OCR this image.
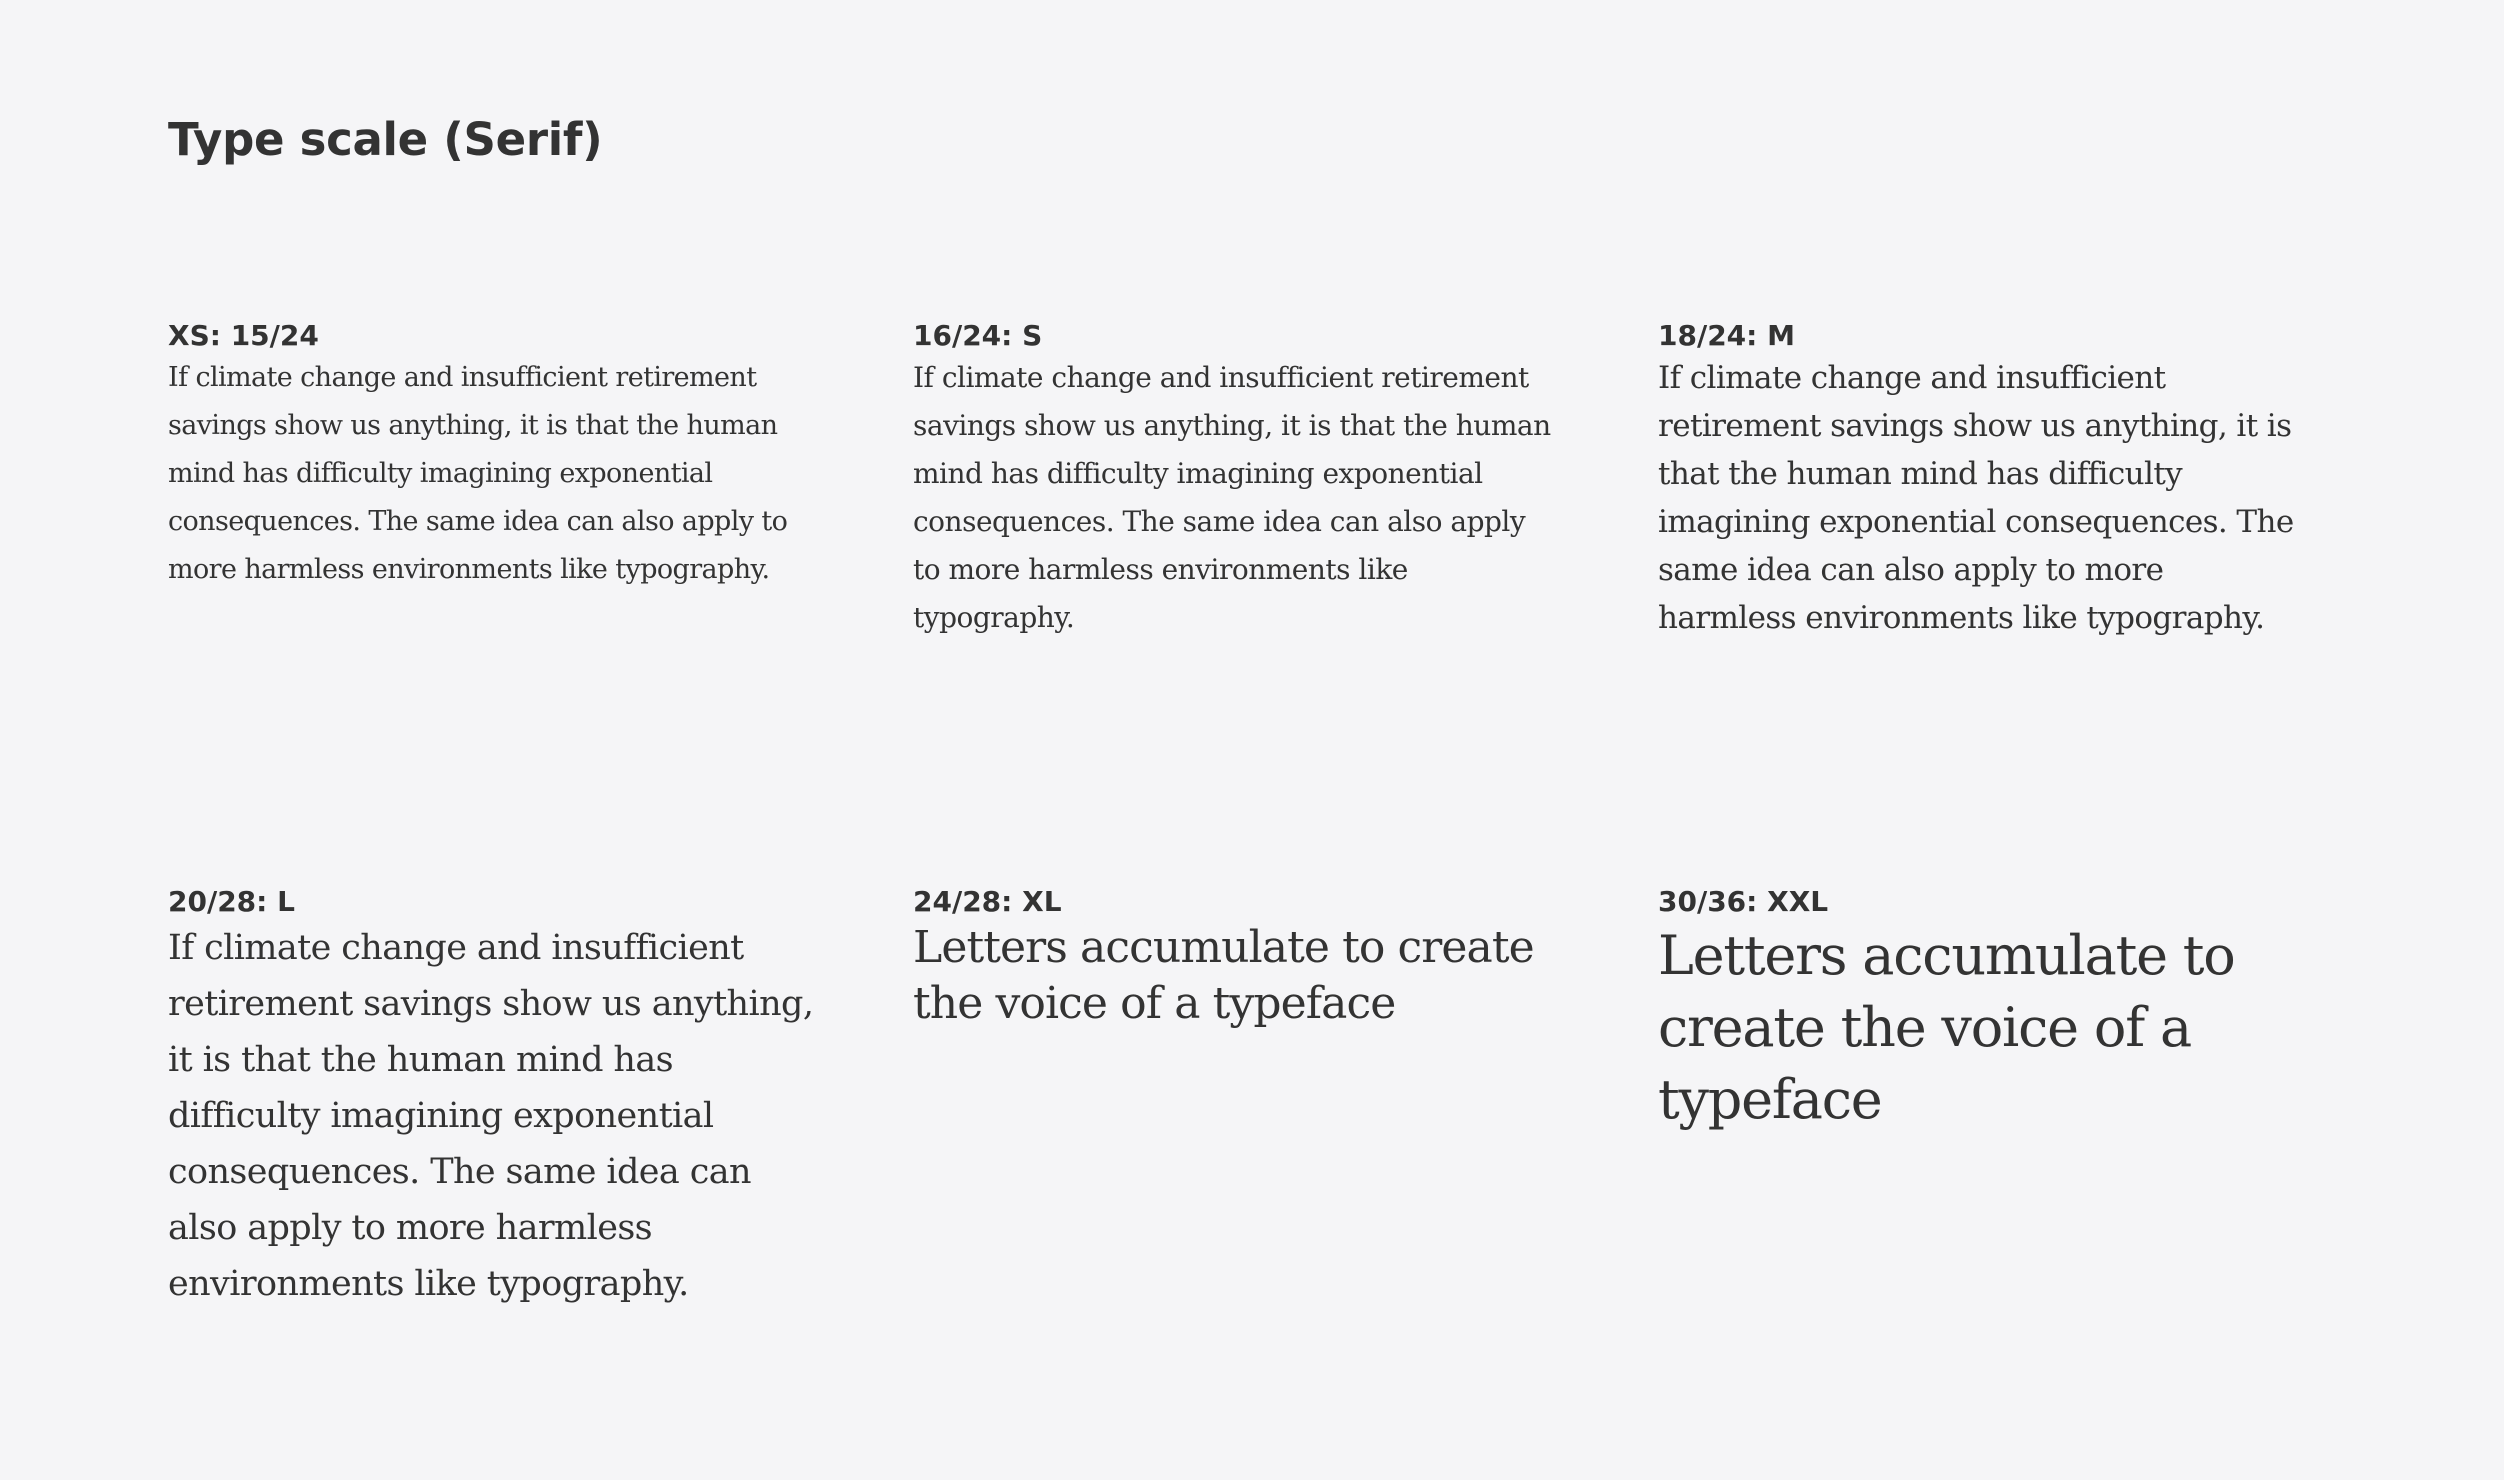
Type scale (Serif)

XS: 15/24

If climate change and insufficient retirement savings show us anything, it is that the human mind has difficulty imagining exponential consequences. The same idea can also apply to more harmless environments like typography.

16/24: S

If climate change and insufficient retirement savings show us anything, it is that the human mind has difficulty imagining exponential consequences. The same idea can also apply to more harmless environments like typography.

18/24: M

If climate change and insufficient retirement savings show us anything, it is that the human mind has difficulty imagining exponential consequences. The same idea can also apply to more harmless environments like typography.

20/28: L

If climate change and insufficient retirement savings show us anything, it is that the human mind has difficulty imagining exponential consequences. The same idea can also apply to more harmless environments like typography.

24/28: XL

Letters accumulate to create the voice of a typeface

30/36: XXL

Letters accumulate to create the voice of a typeface
